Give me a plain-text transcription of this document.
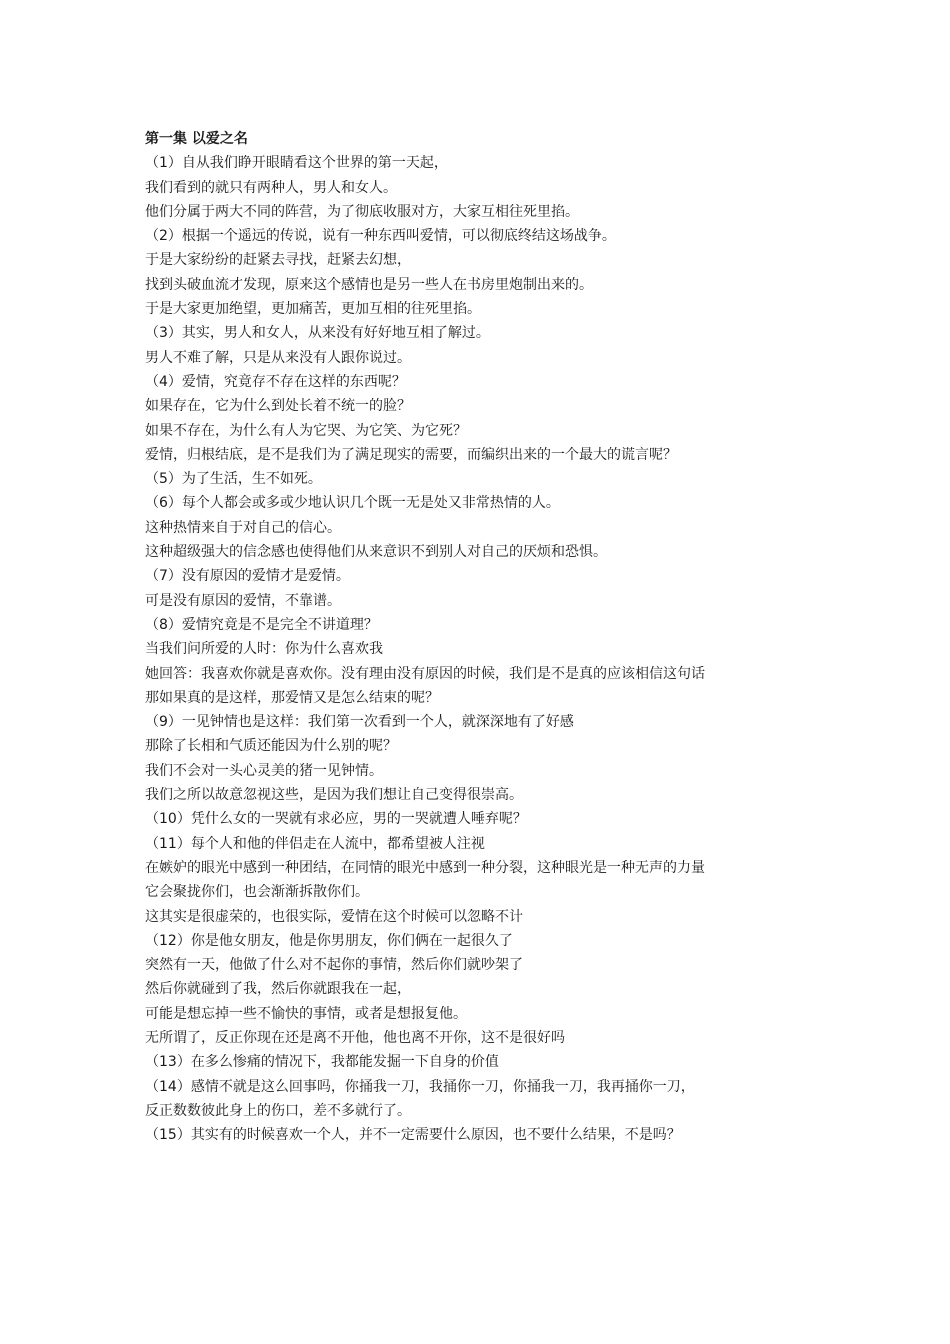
第一集 以爱之名

（1）自从我们睁开眼睛看这个世界的第一天起，

我们看到的就只有两种人，男人和女人。

他们分属于两大不同的阵营，为了彻底收服对方，大家互相往死里掐。

（2）根据一个遥远的传说，说有一种东西叫爱情，可以彻底终结这场战争。

于是大家纷纷的赶紧去寻找，赶紧去幻想，

找到头破血流才发现，原来这个感情也是另一些人在书房里炮制出来的。

于是大家更加绝望，更加痛苦，更加互相的往死里掐。

（3）其实，男人和女人，从来没有好好地互相了解过。

男人不难了解，只是从来没有人跟你说过。

（4）爱情，究竟存不存在这样的东西呢？

如果存在，它为什么到处长着不统一的脸？

如果不存在，为什么有人为它哭、为它笑、为它死？

爱情，归根结底，是不是我们为了满足现实的需要，而编织出来的一个最大的谎言呢？

（5）为了生活，生不如死。

（6）每个人都会或多或少地认识几个既一无是处又非常热情的人。

这种热情来自于对自己的信心。

这种超级强大的信念感也使得他们从来意识不到别人对自己的厌烦和恐惧。

（7）没有原因的爱情才是爱情。

可是没有原因的爱情，不靠谱。

（8）爱情究竟是不是完全不讲道理？

当我们问所爱的人时：你为什么喜欢我

她回答：我喜欢你就是喜欢你。没有理由没有原因的时候，我们是不是真的应该相信这句话

那如果真的是这样，那爱情又是怎么结束的呢？

（9）一见钟情也是这样：我们第一次看到一个人，就深深地有了好感

那除了长相和气质还能因为什么别的呢？

我们不会对一头心灵美的猪一见钟情。

我们之所以故意忽视这些，是因为我们想让自己变得很崇高。

（10）凭什么女的一哭就有求必应，男的一哭就遭人唾弃呢？

（11）每个人和他的伴侣走在人流中，都希望被人注视

在嫉妒的眼光中感到一种团结，在同情的眼光中感到一种分裂，这种眼光是一种无声的力量

它会聚拢你们，也会渐渐拆散你们。

这其实是很虚荣的，也很实际，爱情在这个时候可以忽略不计

（12）你是他女朋友，他是你男朋友，你们俩在一起很久了

突然有一天，他做了什么对不起你的事情，然后你们就吵架了

然后你就碰到了我，然后你就跟我在一起，

可能是想忘掉一些不愉快的事情，或者是想报复他。

无所谓了，反正你现在还是离不开他，他也离不开你，这不是很好吗

（13）在多么惨痛的情况下，我都能发掘一下自身的价值

（14）感情不就是这么回事吗，你捅我一刀，我捅你一刀，你捅我一刀，我再捅你一刀，

反正数数彼此身上的伤口，差不多就行了。

（15）其实有的时候喜欢一个人，并不一定需要什么原因，也不要什么结果，不是吗？
